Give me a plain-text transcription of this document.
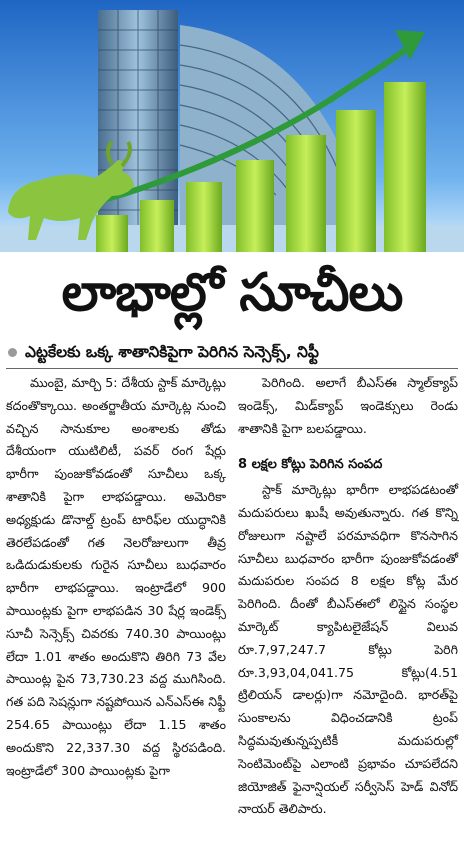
లాభాల్లో సూచీలు
ఎట్టకేలకు ఒక్క శాతానికిపైగా పెరిగిన సెన్సెక్స్, నిఫ్టీ

ముంబై, మార్చి 5: దేశీయ స్టాక్ మార్కెట్లు కదంతొక్కాయి. అంతర్జాతీయ మార్కెట్ల నుంచి వచ్చిన సానుకూల అంశాలకు తోడు దేశీయంగా యుటిలిటీ, పవర్ రంగ షేర్లు భారీగా పుంజుకోవడంతో సూచీలు ఒక్క శాతానికి పైగా లాభపడ్డాయి. అమెరికా అధ్యక్షుడు డొనాల్డ్ ట్రంప్ టారిఫ్‌ల యుద్ధానికి తెరలేపడంతో గత నెలరోజులుగా తీవ్ర ఒడిదుడుకులకు గురైన సూచీలు బుధవారం భారీగా లాభపడ్డాయి. ఇంట్రాడేలో 900 పాయింట్లకు పైగా లాభపడిన 30 షేర్ల ఇండెక్స్ సూచీ సెన్సెక్స్ చివరకు 740.30 పాయింట్లు లేదా 1.01 శాతం అందుకొని తిరిగి 73 వేల పాయింట్ల పైన 73,730.23 వద్ద ముగిసింది. గత పది సెషన్లుగా నష్టపోయిన ఎన్ఎస్ఈ నిఫ్టీ 254.65 పాయింట్లు లేదా 1.15 శాతం అందుకొని 22,337.30 వద్ద స్థిరపడింది. ఇంట్రాడేలో 300 పాయింట్లకు పైగా

పెరిగింది. అలాగే బీఎస్ఈ స్మాల్‌క్యాప్ ఇండెక్స్, మిడ్‌క్యాప్ ఇండెక్సులు రెండు శాతానికి పైగా బలపడ్డాయి.

8 లక్షల కోట్లు పెరిగిన సంపద

స్టాక్ మార్కెట్లు భారీగా లాభపడటంతో మదుపరులు ఖుషీ అవుతున్నారు. గత కొన్ని రోజులుగా నష్టాలే పరమావధిగా కొనసాగిన సూచీలు బుధవారం భారీగా పుంజుకోవడంతో మదుపరుల సంపద 8 లక్షల కోట్ల మేర పెరిగింది. దీంతో బీఎస్ఈలో లిస్టైన సంస్థల మార్కెట్ క్యాపిటలైజేషన్ విలువ రూ.7,97,247.7 కోట్లు పెరిగి రూ.3,93,04,041.75 కోట్లు(4.51 ట్రిలియన్ డాలర్లు)గా నమోదైంది. భారత్‌పై సుంకాలను విధించడానికి ట్రంప్ సిద్ధమవుతున్నప్పటికీ మదుపరుల్లో సెంటిమెంట్‌పై ఎలాంటి ప్రభావం చూపలేదని జియోజిత్ ఫైనాన్షియల్ సర్వీసెస్ హెడ్ వినోద్ నాయర్ తెలిపారు.
